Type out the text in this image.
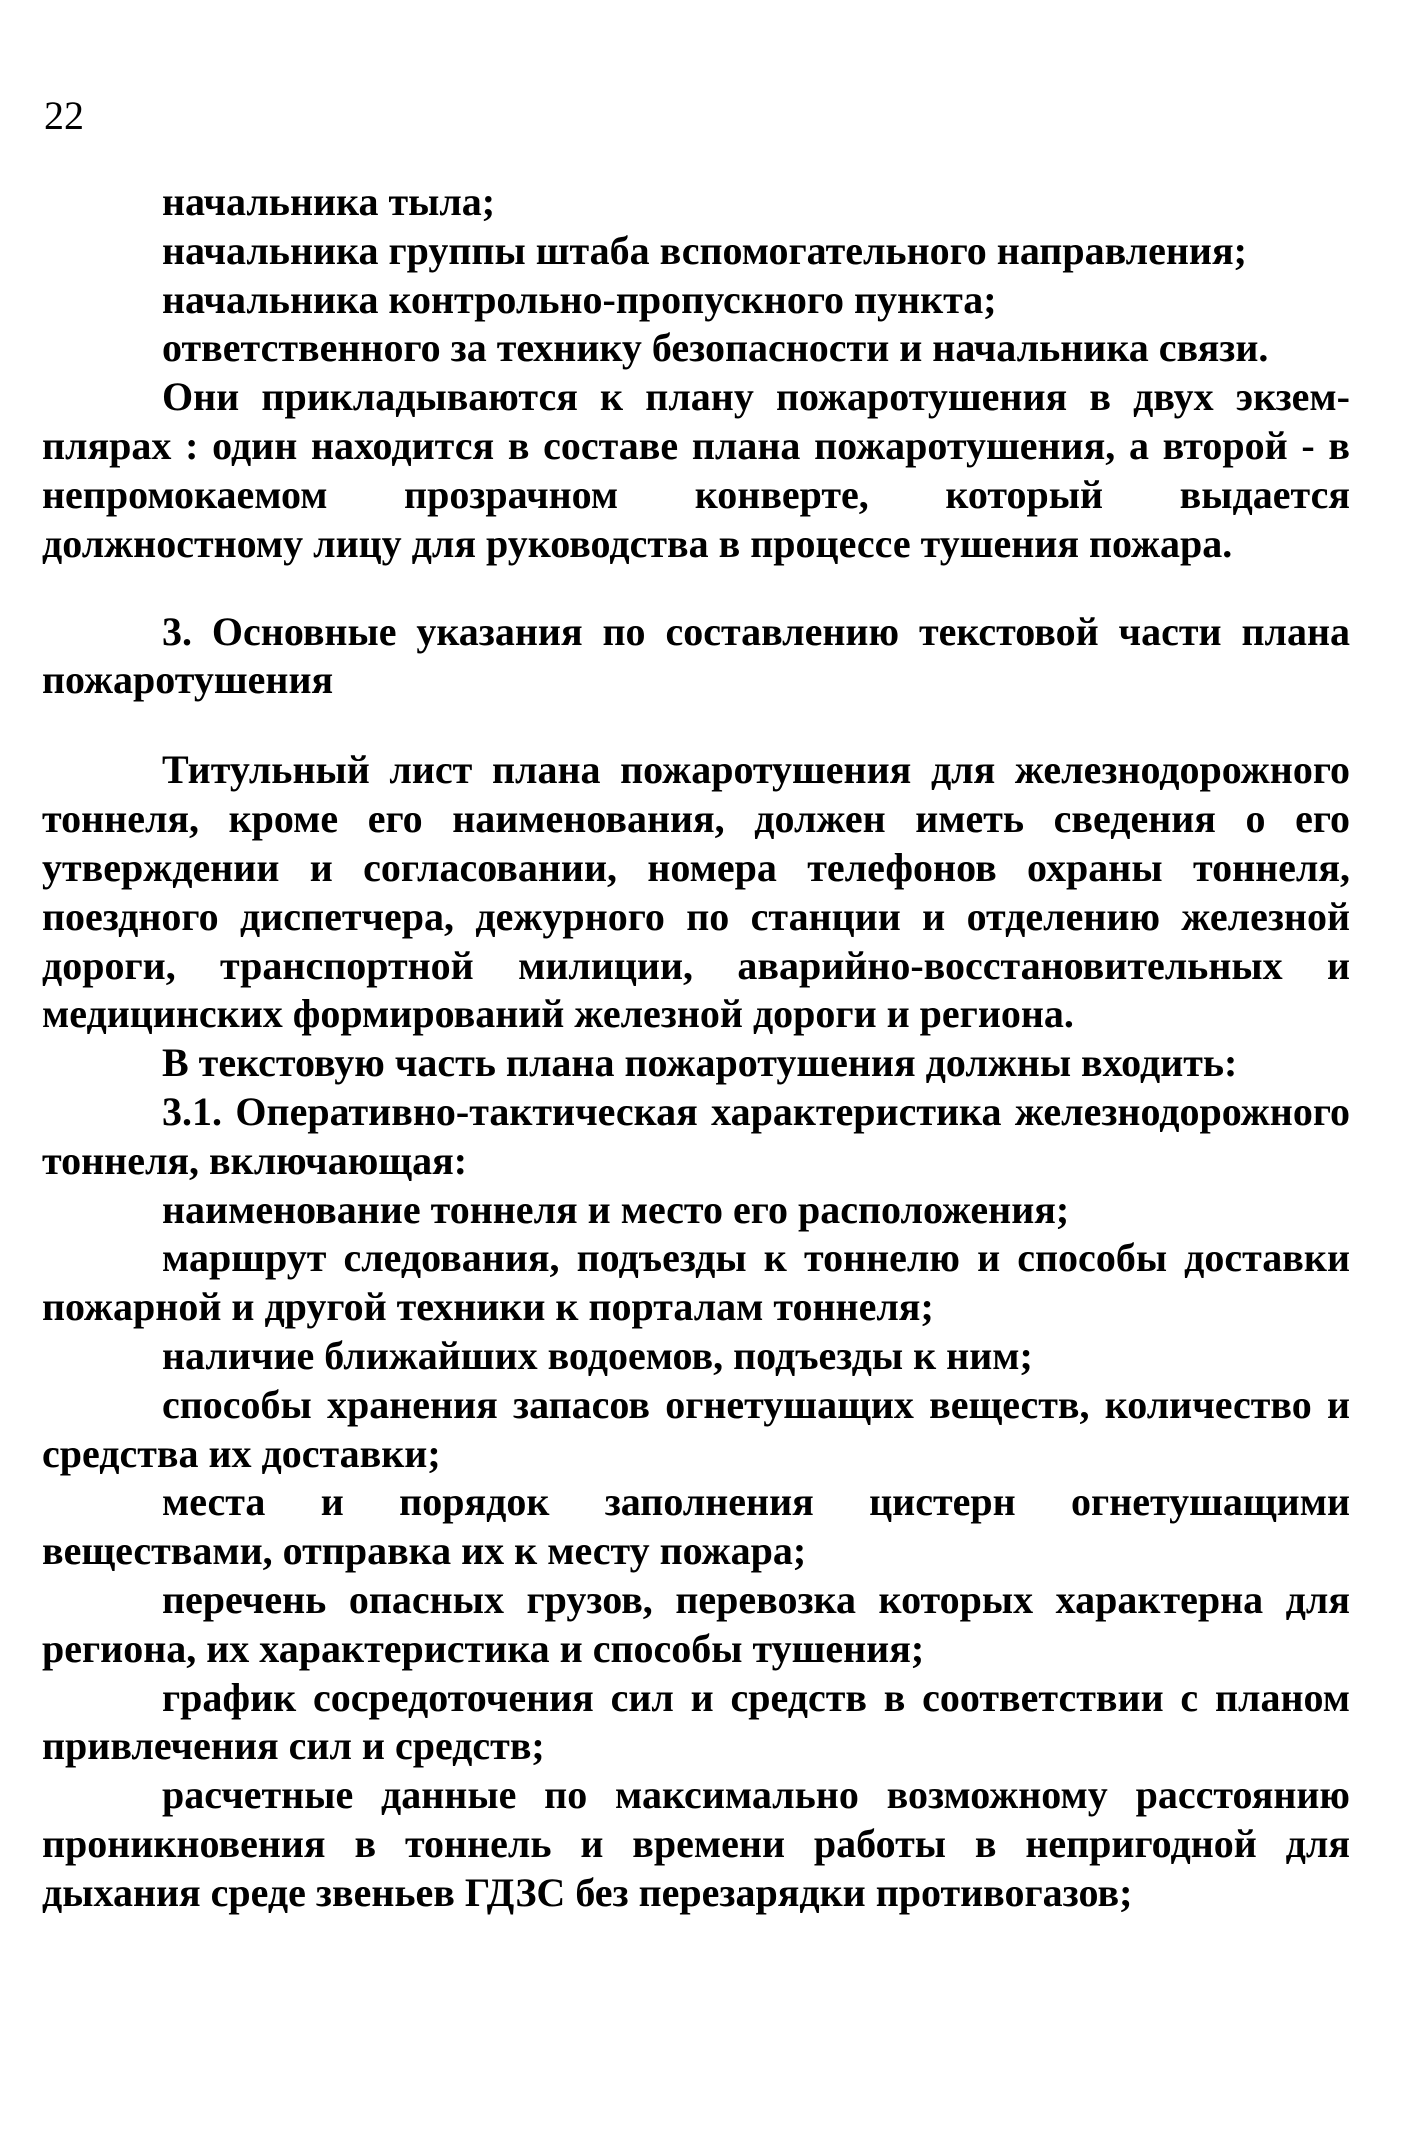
22

начальника тыла;

начальника группы штаба вспомогательного направления;

начальника контрольно-пропускного пункта;

ответственного за технику безопасности и начальника связи.

Они прикладываются к плану пожаротушения в двух экзем-плярах : один находится в составе плана пожаротушения, а второй - в непромокаемом прозрачном конверте, который выдается должностному лицу для руководства в процессе тушения пожара.

3. Основные указания по составлению текстовой части плана пожаротушения

Титульный лист плана пожаротушения для железнодорожного тоннеля, кроме его наименования, должен иметь сведения о его утверждении и согласовании, номера телефонов охраны тоннеля, поездного диспетчера, дежурного по станции и отделению железной дороги, транспортной милиции, аварийно-восстановительных и медицинских формирований железной дороги и региона.

В текстовую часть плана пожаротушения должны входить:

3.1. Оперативно-тактическая характеристика железнодорожного тоннеля, включающая:

наименование тоннеля и место его расположения;

маршрут следования, подъезды к тоннелю и способы доставки пожарной и другой техники к порталам тоннеля;

наличие ближайших водоемов, подъезды к ним;

способы хранения запасов огнетушащих веществ, количество и средства их доставки;

места и порядок заполнения цистерн огнетушащими веществами, отправка их к месту пожара;

перечень опасных грузов, перевозка которых характерна для региона, их характеристика и способы тушения;

график сосредоточения сил и средств в соответствии с планом привлечения сил и средств;

расчетные данные по максимально возможному расстоянию проникновения в тоннель и времени работы в непригодной для дыхания среде звеньев ГДЗС без перезарядки противогазов;
